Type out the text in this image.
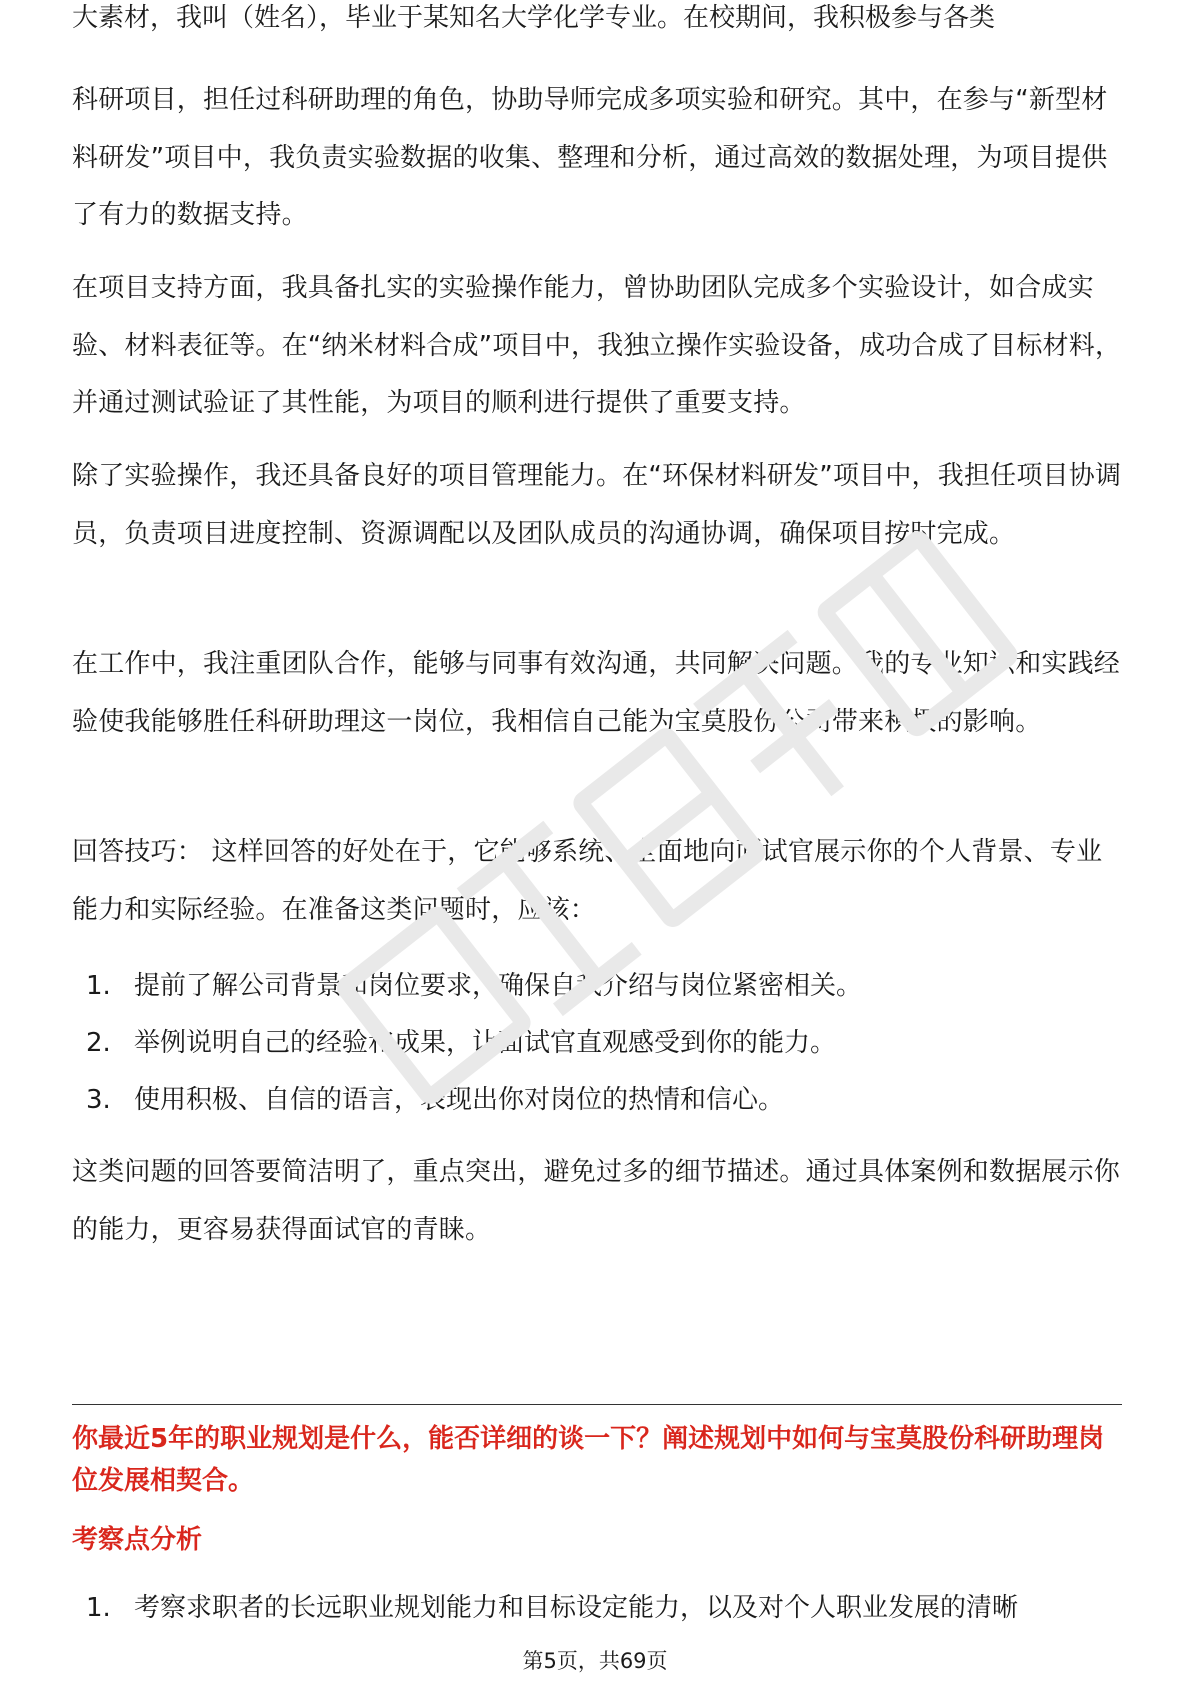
大素材，我叫（姓名），毕业于某知名大学化学专业。在校期间，我积极参与各类

科研项目，担任过科研助理的角色，协助导师完成多项实验和研究。其中，在参与“新型材料研发”项目中，我负责实验数据的收集、整理和分析，通过高效的数据处理，为项目提供了有力的数据支持。

在项目支持方面，我具备扎实的实验操作能力，曾协助团队完成多个实验设计，如合成实验、材料表征等。在“纳米材料合成”项目中，我独立操作实验设备，成功合成了目标材料，并通过测试验证了其性能，为项目的顺利进行提供了重要支持。

除了实验操作，我还具备良好的项目管理能力。在“环保材料研发”项目中，我担任项目协调员，负责项目进度控制、资源调配以及团队成员的沟通协调，确保项目按时完成。

在工作中，我注重团队合作，能够与同事有效沟通，共同解决问题。我的专业知识和实践经验使我能够胜任科研助理这一岗位，我相信自己能为宝莫股份公司带来积极的影响。

回答技巧： 这样回答的好处在于，它能够系统、全面地向面试官展示你的个人背景、专业能力和实际经验。在准备这类问题时，应该：

1. 提前了解公司背景和岗位要求，确保自我介绍与岗位紧密相关。
2. 举例说明自己的经验和成果，让面试官直观感受到你的能力。
3. 使用积极、自信的语言，表现出你对岗位的热情和信心。

这类问题的回答要简洁明了，重点突出，避免过多的细节描述。通过具体案例和数据展示你的能力，更容易获得面试官的青睐。

你最近5年的职业规划是什么，能否详细的谈一下？阐述规划中如何与宝莫股份科研助理岗位发展相契合。

考察点分析

1. 考察求职者的长远职业规划能力和目标设定能力，以及对个人职业发展的清晰
第5页，共69页
